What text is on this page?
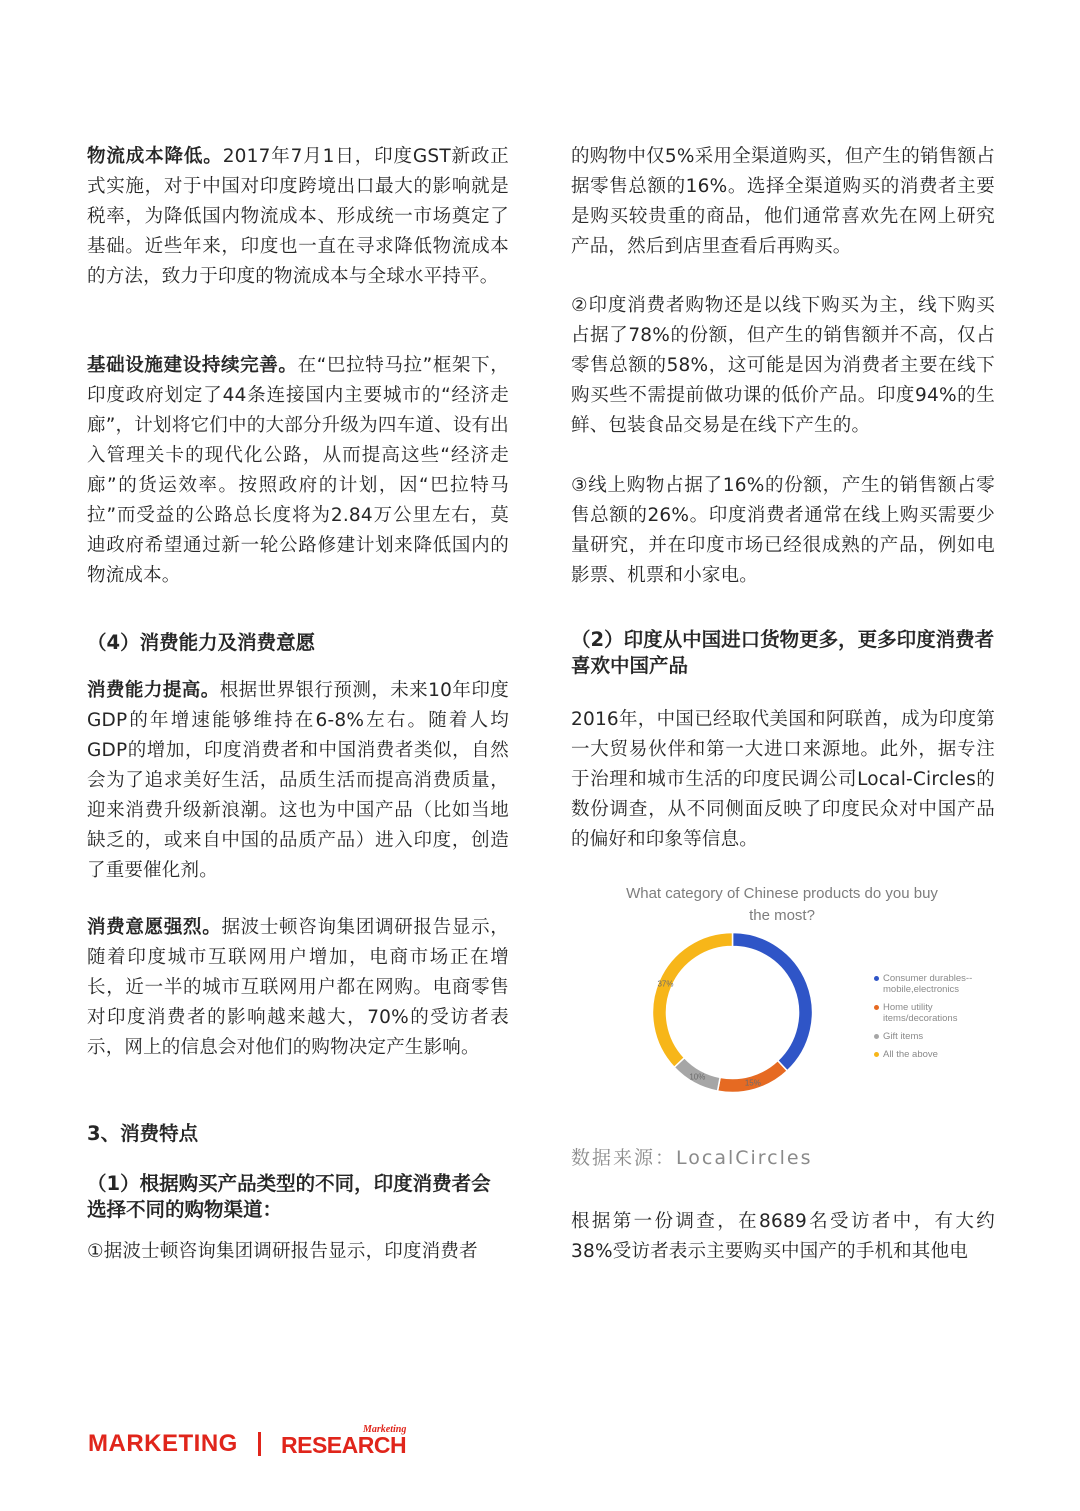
物流成本降低。2017年7月1日，印度GST新政正式实施，对于中国对印度跨境出口最大的影响就是税率，为降低国内物流成本、形成统一市场奠定了基础。近些年来，印度也一直在寻求降低物流成本的方法，致力于印度的物流成本与全球水平持平。

基础设施建设持续完善。在“巴拉特马拉”框架下，印度政府划定了44条连接国内主要城市的“经济走廊”，计划将它们中的大部分升级为四车道、设有出入管理关卡的现代化公路，从而提高这些“经济走廊”的货运效率。按照政府的计划，因“巴拉特马拉”而受益的公路总长度将为2.84万公里左右，莫迪政府希望通过新一轮公路修建计划来降低国内的物流成本。

（4）消费能力及消费意愿

消费能力提高。根据世界银行预测，未来10年印度GDP的年增速能够维持在6-8%左右。随着人均GDP的增加，印度消费者和中国消费者类似，自然会为了追求美好生活，品质生活而提高消费质量，迎来消费升级新浪潮。这也为中国产品（比如当地缺乏的，或来自中国的品质产品）进入印度，创造了重要催化剂。

消费意愿强烈。据波士顿咨询集团调研报告显示，随着印度城市互联网用户增加，电商市场正在增长，近一半的城市互联网用户都在网购。电商零售对印度消费者的影响越来越大，70%的受访者表示，网上的信息会对他们的购物决定产生影响。

3、消费特点
（1）根据购买产品类型的不同，印度消费者会选择不同的购物渠道：

①据波士顿咨询集团调研报告显示，印度消费者

的购物中仅5%采用全渠道购买，但产生的销售额占据零售总额的16%。选择全渠道购买的消费者主要是购买较贵重的商品，他们通常喜欢先在网上研究产品，然后到店里查看后再购买。

②印度消费者购物还是以线下购买为主，线下购买占据了78%的份额，但产生的销售额并不高，仅占零售总额的58%，这可能是因为消费者主要在线下购买些不需提前做功课的低价产品。印度94%的生鲜、包装食品交易是在线下产生的。

③线上购物占据了16%的份额，产生的销售额占零售总额的26%。印度消费者通常在线上购买需要少量研究，并在印度市场已经很成熟的产品，例如电影票、机票和小家电。

（2）印度从中国进口货物更多，更多印度消费者喜欢中国产品

2016年，中国已经取代美国和阿联酋，成为印度第一大贸易伙伴和第一大进口来源地。此外，据专注于治理和城市生活的印度民调公司Local-Circles的数份调查，从不同侧面反映了印度民众对中国产品的偏好和印象等信息。

数据来源：LocalCircles

根据第一份调查，在8689名受访者中，有大约38%受访者表示主要购买中国产的手机和其他电

What category of Chinese products do you buy the most?
15%
10%
37%
Consumer durables--mobile,electronics
Home utility items/decorations
Gift items
All the above
MARKETING RESEARCH
Marketing
